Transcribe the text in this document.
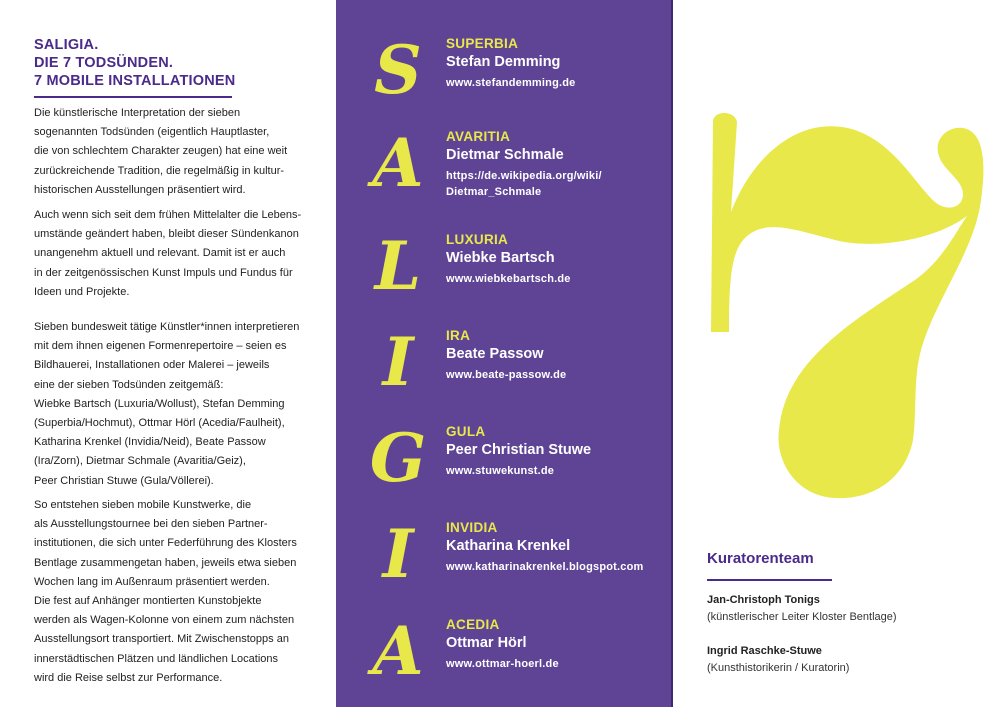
SALIGIA.
DIE 7 TODSÜNDEN.
7 MOBILE INSTALLATIONEN
Die künstlerische Interpretation der sieben
sogenannten Todsünden (eigentlich Hauptlaster,
die von schlechtem Charakter zeugen) hat eine weit
zurückreichende Tradition, die regelmäßig in kultur-
historischen Ausstellungen präsentiert wird.
Auch wenn sich seit dem frühen Mittelalter die Lebens-
umstände geändert haben, bleibt dieser Sündenkanon
unangenehm aktuell und relevant. Damit ist er auch
in der zeitgenössischen Kunst Impuls und Fundus für
Ideen und Projekte.
Sieben bundesweit tätige Künstler*innen interpretieren
mit dem ihnen eigenen Formenrepertoire – seien es
Bildhauerei, Installationen oder Malerei – jeweils
eine der sieben Todsünden zeitgemäß:
Wiebke Bartsch (Luxuria/Wollust), Stefan Demming
(Superbia/Hochmut), Ottmar Hörl (Acedia/Faulheit),
Katharina Krenkel (Invidia/Neid), Beate Passow
(Ira/Zorn), Dietmar Schmale (Avaritia/Geiz),
Peer Christian Stuwe (Gula/Völlerei).
So entstehen sieben mobile Kunstwerke, die
als Ausstellungstournee bei den sieben Partner-
institutionen, die sich unter Federführung des Klosters
Bentlage zusammengetan haben, jeweils etwa sieben
Wochen lang im Außenraum präsentiert werden.
Die fest auf Anhänger montierten Kunstobjekte
werden als Wagen-Kolonne von einem zum nächsten
Ausstellungsort transportiert. Mit Zwischenstopps an
innerstädtischen Plätzen und ländlichen Locations
wird die Reise selbst zur Performance.
S	SUPERBIA
Stefan Demming
www.stefandemming.de
A	AVARITIA
Dietmar Schmale
https://de.wikipedia.org/wiki/
Dietmar_Schmale
L	LUXURIA
Wiebke Bartsch
www.wiebkebartsch.de
I	IRA
Beate Passow
www.beate-passow.de
G	GULA
Peer Christian Stuwe
www.stuwekunst.de
I	INVIDIA
Katharina Krenkel
www.katharinakrenkel.blogspot.com
A	ACEDIA
Ottmar Hörl
www.ottmar-hoerl.de
Kuratorenteam
Jan-Christoph Tonigs
(künstlerischer Leiter Kloster Bentlage)
Ingrid Raschke-Stuwe
(Kunsthistorikerin / Kuratorin)
